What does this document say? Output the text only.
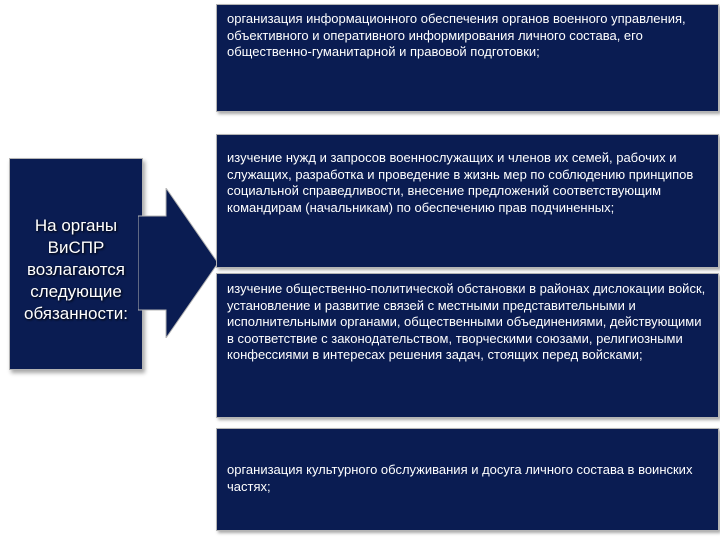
На органы ВиСПР возлагаются следующие обязанности:
организация информационного обеспечения органов военного управления, объективного и оперативного информирования личного состава, его общественно-гуманитарной и правовой подготовки;
изучение нужд и запросов военнослужащих и членов их семей, рабочих и служащих, разработка и проведение в жизнь мер по соблюдению принципов социальной справедливости, внесение предложений соответствующим командирам (начальникам) по обеспечению прав подчиненных;
изучение общественно-политической обстановки в районах дислокации войск, установление и развитие связей с местными представительными и исполнительными органами, общественными объединениями, действующими в соответствие с законодательством, творческими союзами, религиозными конфессиями в интересах решения задач, стоящих перед войсками;
организация культурного обслуживания и досуга личного состава в воинских частях;
